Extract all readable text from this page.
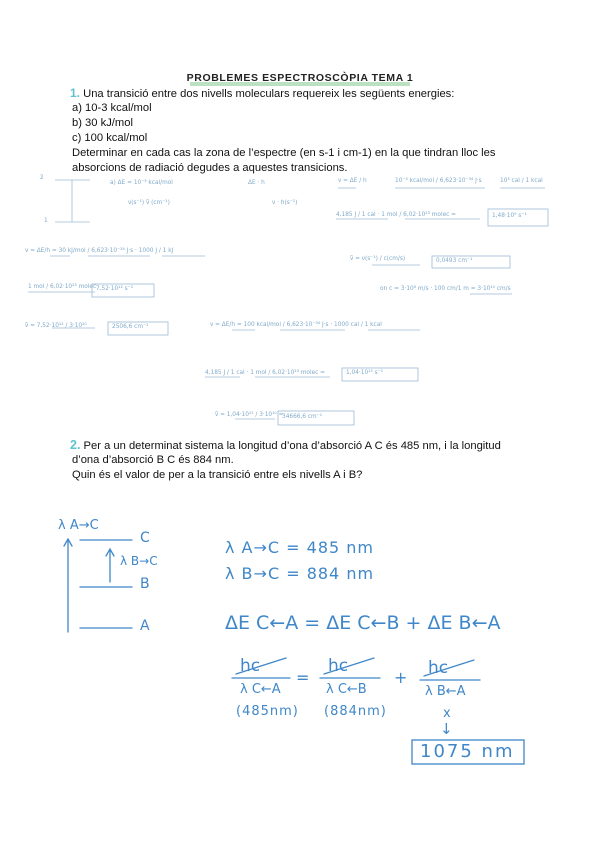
PROBLEMES ESPECTROSCÒPIA TEMA 1
1. Una transició entre dos nivells moleculars requereix les següents energies:
a) 10-3 kcal/mol
b) 30 kJ/mol
c) 100 kcal/mol
Determinar en cada cas la zona de l’espectre (en s-1 i cm-1) en la que tindran lloc les
absorcions de radiació degudes a aquestes transicions.
2
1
a) ΔE = 10⁻³ kcal/mol
ν(s⁻¹) ν̃ (cm⁻¹)
ΔE · h
ν · h(s⁻¹)
ν = ΔE / h	10⁻³ kcal/mol / 6,623·10⁻³⁴ J·s	10³ cal / 1 kcal
4,185 J / 1 cal · 1 mol / 6,02·10²³ molec =	1,48·10⁹ s⁻¹
ν = ΔE/h = 30 kJ/mol / 6,623·10⁻³⁴ J·s · 1000 J / 1 kJ
1 mol / 6,02·10²³ molec 7,52·10¹² s⁻¹
ν̃ = ν(s⁻¹) / c(cm/s)	0,0493 cm⁻¹
on c = 3·10⁸ m/s · 100 cm/1 m = 3·10¹⁰ cm/s
ν̃ = 7,52·10¹² / 3·10¹⁰	2506,6 cm⁻¹	ν = ΔE/h = 100 kcal/mol / 6,623·10⁻³⁴ J·s · 1000 cal / 1 kcal
4,185 J / 1 cal · 1 mol / 6,02·10²³ molec =	1,04·10¹⁵ s⁻¹
ν̃ = 1,04·10¹⁵ / 3·10¹⁰ =
34666,6 cm⁻¹
2. Per a un determinat sistema la longitud d’ona d’absorció A C és 485 nm, i la longitud
d’ona d’absorció B C és 884 nm.
Quin és el valor de per a la transició entre els nivells A i B?
λ A→C
C
λ B→C
B
A
λ A→C = 485 nm
λ B→C = 884 nm
ΔE C←A = ΔE C←B + ΔE B←A
hc	hc	hc
=	+
λ C←A	λ C←B	λ B←A
(485nm) (884nm)	x
↓
1075 nm
